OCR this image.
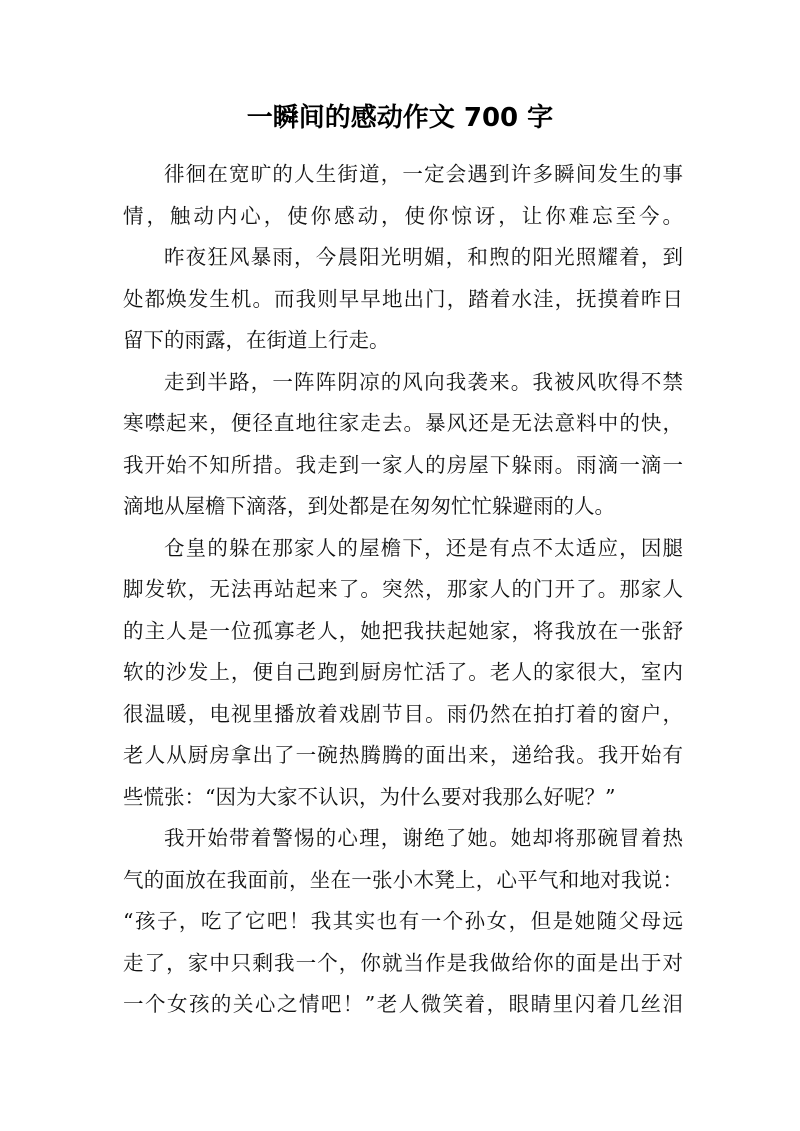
一瞬间的感动作文 700 字
徘徊在宽旷的人生街道，一定会遇到许多瞬间发生的事
情，触动内心，使你感动，使你惊讶，让你难忘至今。
昨夜狂风暴雨，今晨阳光明媚，和煦的阳光照耀着，到
处都焕发生机。而我则早早地出门，踏着水洼，抚摸着昨日
留下的雨露，在街道上行走。
走到半路，一阵阵阴凉的风向我袭来。我被风吹得不禁
寒噤起来，便径直地往家走去。暴风还是无法意料中的快，
我开始不知所措。我走到一家人的房屋下躲雨。雨滴一滴一
滴地从屋檐下滴落，到处都是在匆匆忙忙躲避雨的人。
仓皇的躲在那家人的屋檐下，还是有点不太适应，因腿
脚发软，无法再站起来了。突然，那家人的门开了。那家人
的主人是一位孤寡老人，她把我扶起她家，将我放在一张舒
软的沙发上，便自己跑到厨房忙活了。老人的家很大，室内
很温暖，电视里播放着戏剧节目。雨仍然在拍打着的窗户，
老人从厨房拿出了一碗热腾腾的面出来，递给我。我开始有
些慌张：“因为大家不认识，为什么要对我那么好呢？”
我开始带着警惕的心理，谢绝了她。她却将那碗冒着热
气的面放在我面前，坐在一张小木凳上，心平气和地对我说：
“孩子，吃了它吧！我其实也有一个孙女，但是她随父母远
走了，家中只剩我一个，你就当作是我做给你的面是出于对
一个女孩的关心之情吧！”老人微笑着，眼睛里闪着几丝泪
